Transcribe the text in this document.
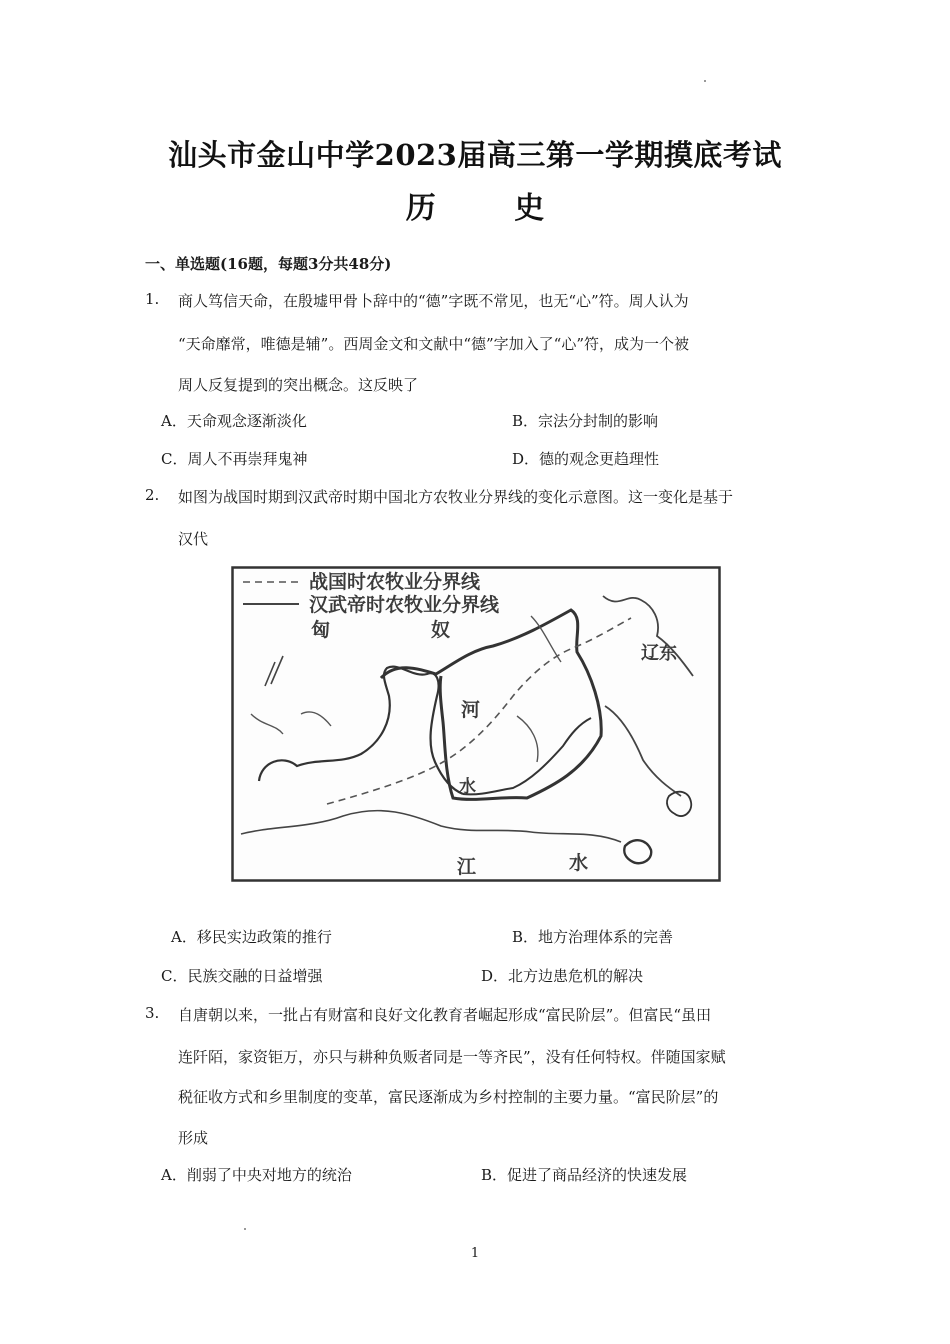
汕头市金山中学2023届高三第一学期摸底考试
历 史
一、单选题(16题，每题3分共48分)
1. 商人笃信天命，在殷墟甲骨卜辞中的“德”字既不常见，也无“心”符。周人认为
“天命靡常，唯德是辅”。西周金文和文献中“德”字加入了“心”符，成为一个被
周人反复提到的突出概念。这反映了
A．天命观念逐渐淡化	B．宗法分封制的影响
C．周人不再崇拜鬼神	D．德的观念更趋理性
2. 如图为战国时期到汉武帝时期中国北方农牧业分界线的变化示意图。这一变化是基于
汉代
战国时农牧业分界线
汉武帝时农牧业分界线
匈	奴
河
水
江	水
辽东
A．移民实边政策的推行	B．地方治理体系的完善
C．民族交融的日益增强	D．北方边患危机的解决
3. 自唐朝以来，一批占有财富和良好文化教育者崛起形成“富民阶层”。但富民“虽田
连阡陌，家资钜万，亦只与耕种负贩者同是一等齐民”，没有任何特权。伴随国家赋
税征收方式和乡里制度的变革，富民逐渐成为乡村控制的主要力量。“富民阶层”的
形成
A．削弱了中央对地方的统治	B．促进了商品经济的快速发展
1
